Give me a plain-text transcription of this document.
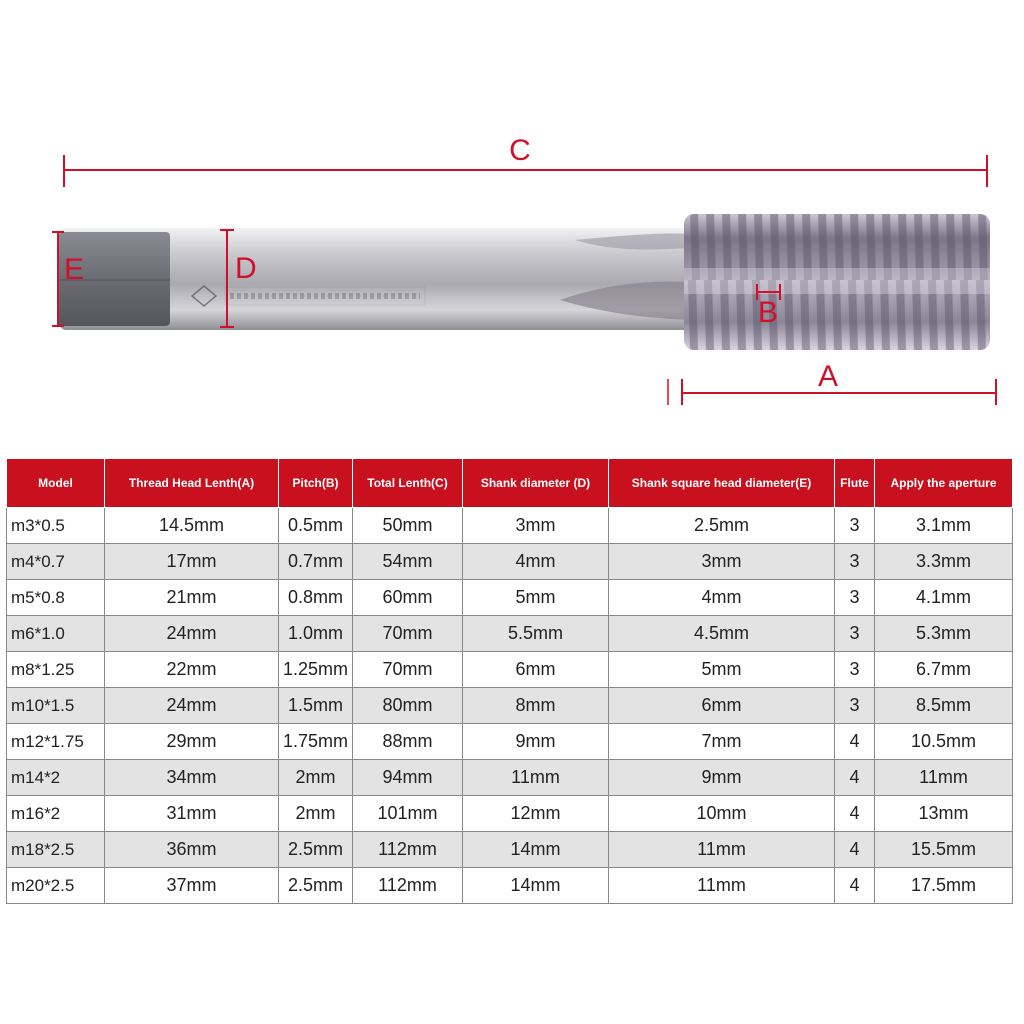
C
E	D
B
A
Model	Thread Head Lenth(A)	Pitch(B)	Total Lenth(C)	Shank diameter (D)	Shank square head diameter(E)	Flute	Apply the aperture
m3*0.5	14.5mm	0.5mm	50mm	3mm	2.5mm	3	3.1mm
m4*0.7	17mm	0.7mm	54mm	4mm	3mm	3	3.3mm
m5*0.8	21mm	0.8mm	60mm	5mm	4mm	3	4.1mm
m6*1.0	24mm	1.0mm	70mm	5.5mm	4.5mm	3	5.3mm
m8*1.25	22mm	1.25mm	70mm	6mm	5mm	3	6.7mm
m10*1.5	24mm	1.5mm	80mm	8mm	6mm	3	8.5mm
m12*1.75	29mm	1.75mm	88mm	9mm	7mm	4	10.5mm
m14*2	34mm	2mm	94mm	11mm	9mm	4	11mm
m16*2	31mm	2mm	101mm	12mm	10mm	4	13mm
m18*2.5	36mm	2.5mm	112mm	14mm	11mm	4	15.5mm
m20*2.5	37mm	2.5mm	112mm	14mm	11mm	4	17.5mm
